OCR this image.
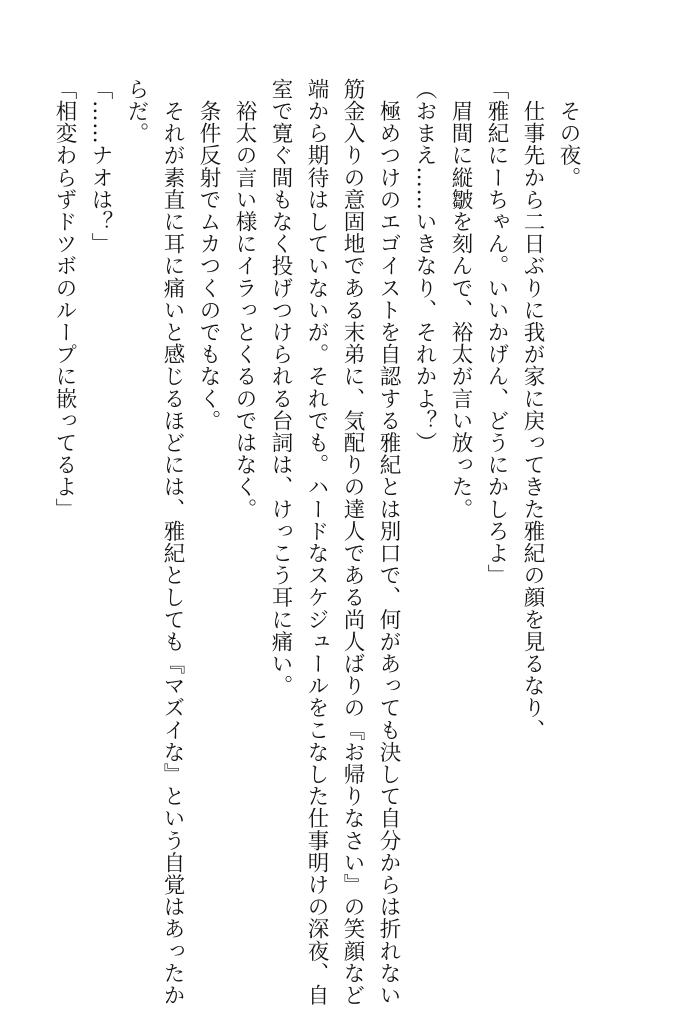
　その夜。
　仕事先から二日ぶりに我が家に戻ってきた雅紀の顔を見るなり、
「雅紀にーちゃん。いいかげん、どうにかしろよ」
　眉間に縦皺を刻んで、裕太が言い放った。
（おまえ……いきなり、それかよ？）
　極めつけのエゴイストを自認する雅紀とは別口で、何があっても決して自分からは折れない
筋金入りの意固地である末弟に、気配りの達人である尚人ばりの『お帰りなさい』の笑顔など
端から期待はしていないが。それでも。ハードなスケジュールをこなした仕事明けの深夜、自
室で寛ぐ間もなく投げつけられる台詞は、けっこう耳に痛い。
　裕太の言い様にイラっとくるのではなく。
　条件反射でムカつくのでもなく。
　それが素直に耳に痛いと感じるほどには、雅紀としても『マズイな』という自覚はあったか
らだ。
「……ナオは？」
「相変わらずドツボのループに嵌ってるよ」
